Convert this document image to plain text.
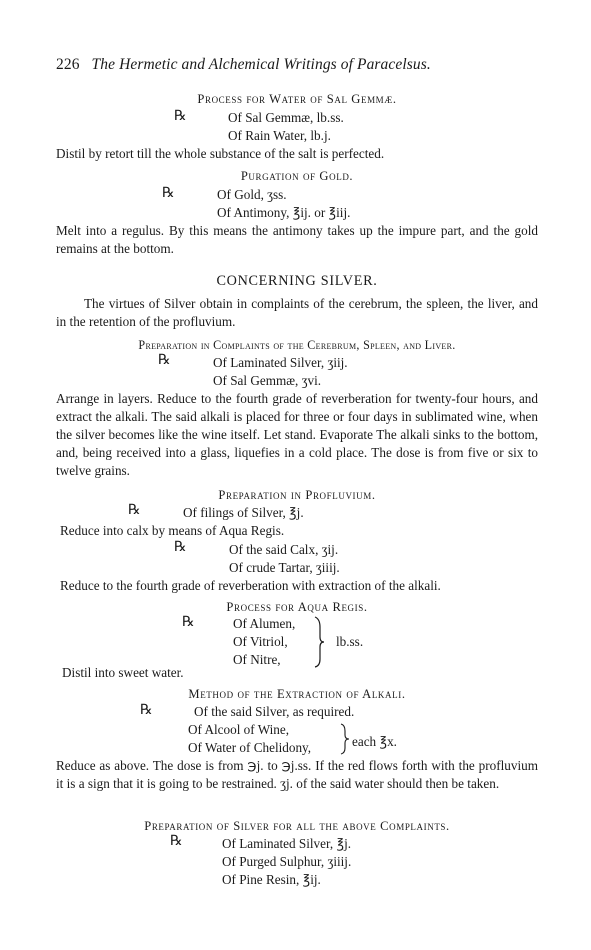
226 The Hermetic and Alchemical Writings of Paracelsus.
Process for Water of Sal Gemmæ.
℞	Of Sal Gemmæ, lb.ss.
Of Rain Water, lb.j.
Distil by retort till the whole substance of the salt is perfected.
Purgation of Gold.
℞	Of Gold, ʒss.
Of Antimony, ℥ij. or ℥iij.
Melt into a regulus. By this means the antimony takes up the impure part, and the gold remains at the bottom.
CONCERNING SILVER.
The virtues of Silver obtain in complaints of the cerebrum, the spleen, the liver, and in the retention of the profluvium.
Preparation in Complaints of the Cerebrum, Spleen, and Liver.
℞	Of Laminated Silver, ʒiij.
Of Sal Gemmæ, ʒvi.
Arrange in layers. Reduce to the fourth grade of reverberation for twenty-four hours, and extract the alkali. The said alkali is placed for three or four days in sublimated wine, when the silver becomes like the wine itself. Let stand. Evaporate The alkali sinks to the bottom, and, being received into a glass, liquefies in a cold place. The dose is from five or six to twelve grains.
Preparation in Profluvium.
℞	Of filings of Silver, ℥j.
Reduce into calx by means of Aqua Regis.
℞	Of the said Calx, ʒij.
Of crude Tartar, ʒiiij.
Reduce to the fourth grade of reverberation with extraction of the alkali.
Process for Aqua Regis.
℞	Of Alumen,
Of Vitriol,
Of Nitre,
lb.ss.
Distil into sweet water.
Method of the Extraction of Alkali.
℞	Of the said Silver, as required.
Of Alcool of Wine,
Of Water of Chelidony,	each ℥x.
Reduce as above. The dose is from ℈j. to ℈j.ss. If the red flows forth with the profluvium it is a sign that it is going to be restrained. ʒj. of the said water should then be taken.
Preparation of Silver for all the above Complaints.
℞	Of Laminated Silver, ℥j.
Of Purged Sulphur, ʒiiij.
Of Pine Resin, ℥ij.
